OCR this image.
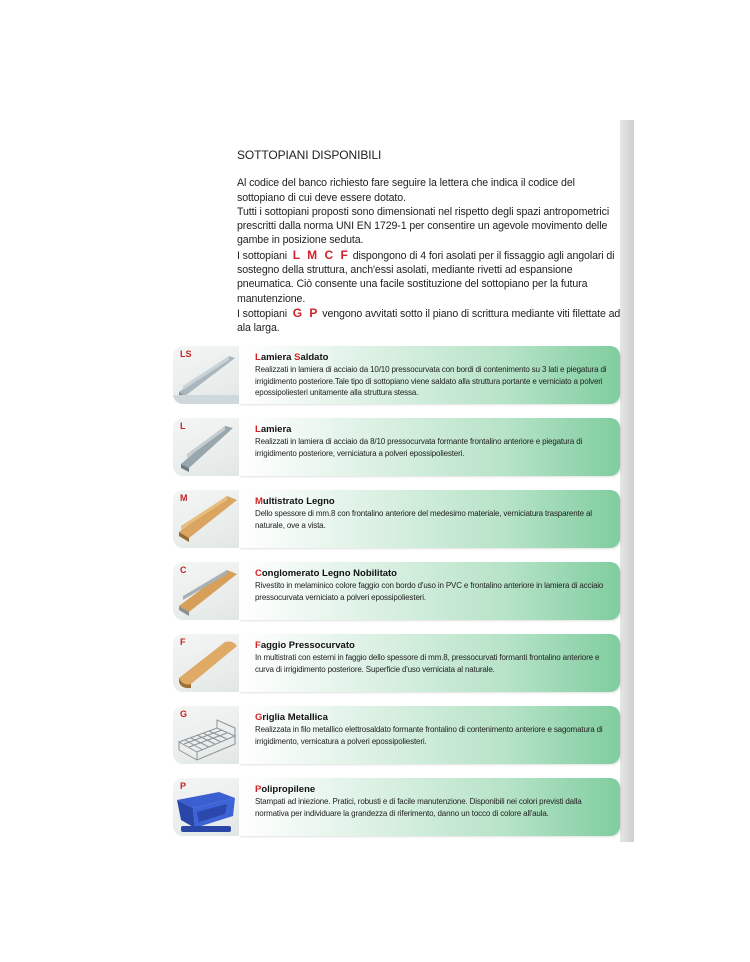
SOTTOPIANI DISPONIBILI

Al codice del banco richiesto fare seguire la lettera che indica il codice del sottopiano di cui deve essere dotato.

Tutti i sottopiani proposti sono dimensionati nel rispetto degli spazi antropometrici prescritti dalla norma UNI EN 1729-1 per consentire un agevole movimento delle gambe in posizione seduta.

I sottopiani L M C F dispongono di 4 fori asolati per il fissaggio agli angolari di sostegno della struttura, anch'essi asolati, mediante rivetti ad espansione pneumatica. Ciò consente una facile sostituzione del sottopiano per la futura manutenzione.

I sottopiani G P vengono avvitati sotto il piano di scrittura mediante viti filettate ad ala larga.

LS	Lamiera Saldato
Realizzati in lamiera di acciaio da 10/10 pressocurvata con bordi di contenimento su 3 lati e piegatura di irrigidimento posteriore.Tale tipo di sottopiano viene saldato alla struttura portante e verniciato a polveri epossipoliesteri unitamente alla struttura stessa.
L	Lamiera
Realizzati in lamiera di acciaio da 8/10 pressocurvata formante frontalino anteriore e piegatura di irrigidimento posteriore, verniciatura a polveri epossipoliesteri.
M	Multistrato Legno
Dello spessore di mm.8 con frontalino anteriore del medesimo materiale, verniciatura trasparente al naturale, ove a vista.
C	Conglomerato Legno Nobilitato
Rivestito in melaminico colore faggio con bordo d'uso in PVC e frontalino anteriore in lamiera di acciaio pressocurvata verniciato a polveri epossipoliesteri.
F	Faggio Pressocurvato
In multistrati con esterni in faggio dello spessore di mm.8, pressocurvati formanti frontalino anteriore e curva di irrigidimento posteriore. Superficie d'uso verniciata al naturale.
G	Griglia Metallica
Realizzata in filo metallico elettrosaldato formante frontalino di contenimento anteriore e sagomatura di irrigidimento, vernicatura a polveri epossipoliesteri.
P	Polipropilene
Stampati ad iniezione. Pratici, robusti e di facile manutenzione. Disponibili nei colori previsti dalla normativa per individuare la grandezza di riferimento, danno un tocco di colore all'aula.
